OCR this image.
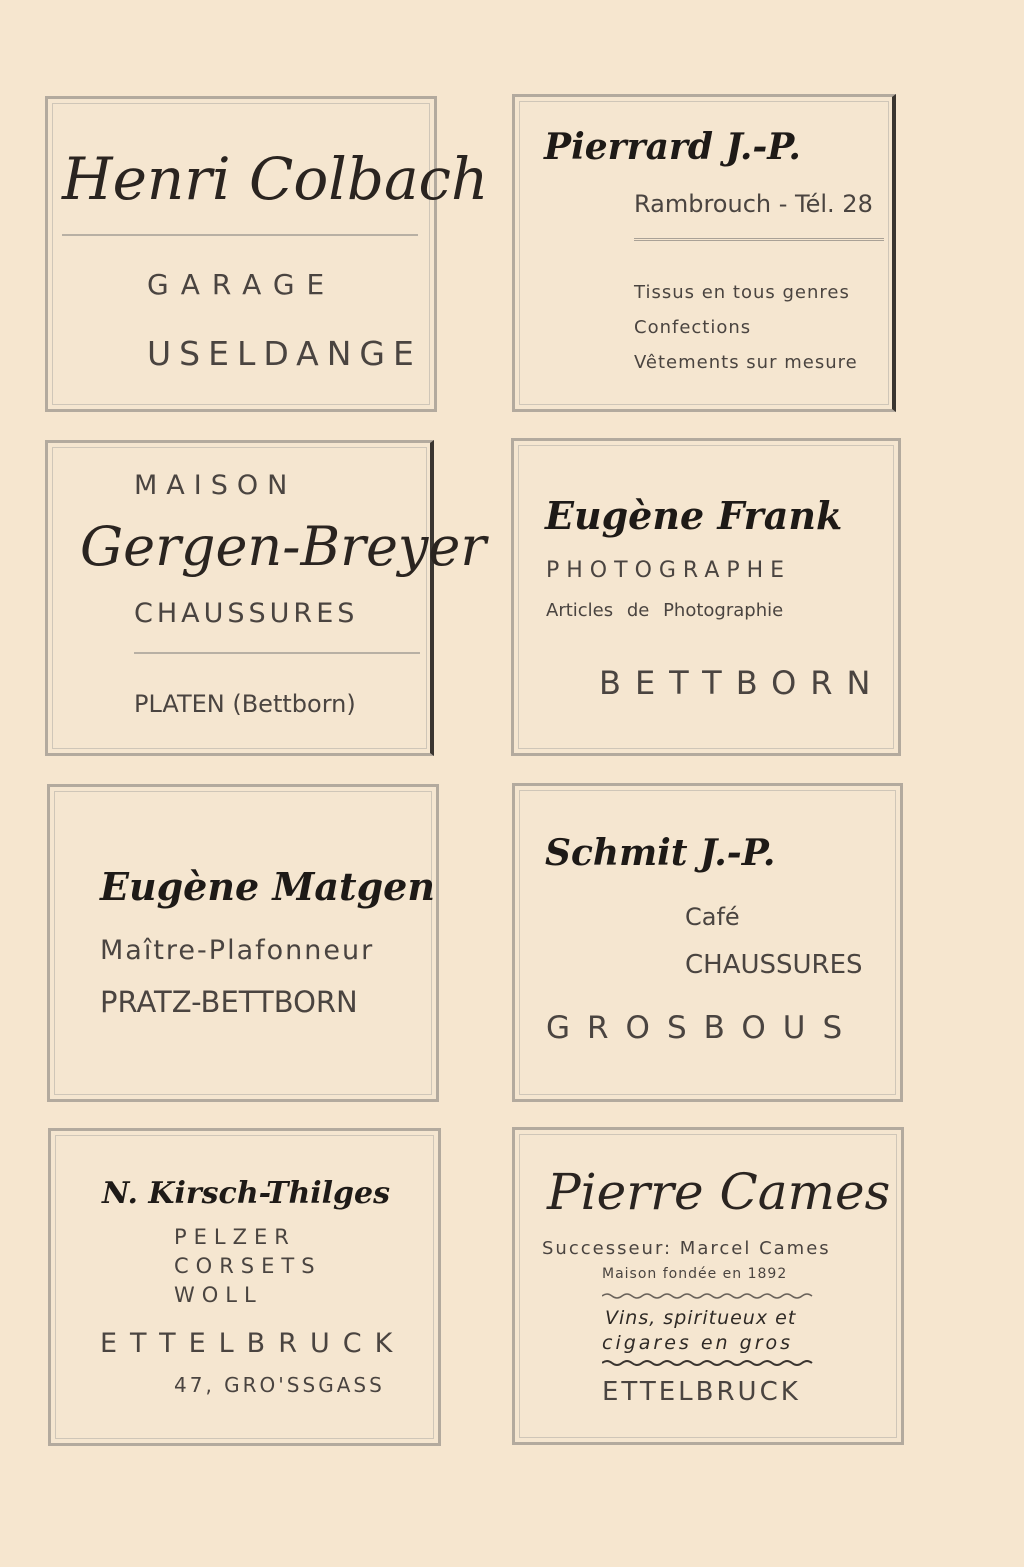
Henri Colbach
GARAGE
USELDANGE
Pierrard J.-P.
Rambrouch - Tél. 28
Tissus en tous genres
Confections
Vêtements sur mesure
MAISON
Gergen-Breyer
CHAUSSURES
PLATEN (Bettborn)
Eugène Frank
PHOTOGRAPHE
Articles de Photographie
BETTBORN
Eugène Matgen
Maître-Plafonneur
PRATZ-BETTBORN
Schmit J.-P.
Café
CHAUSSURES
GROSBOUS
N. Kirsch-Thilges
PELZER
CORSETS
WOLL
ETTELBRUCK
47, GRO'SSGASS
Pierre Cames
Successeur: Marcel Cames
Maison fondée en 1892
Vins, spiritueux et
cigares en gros
ETTELBRUCK
